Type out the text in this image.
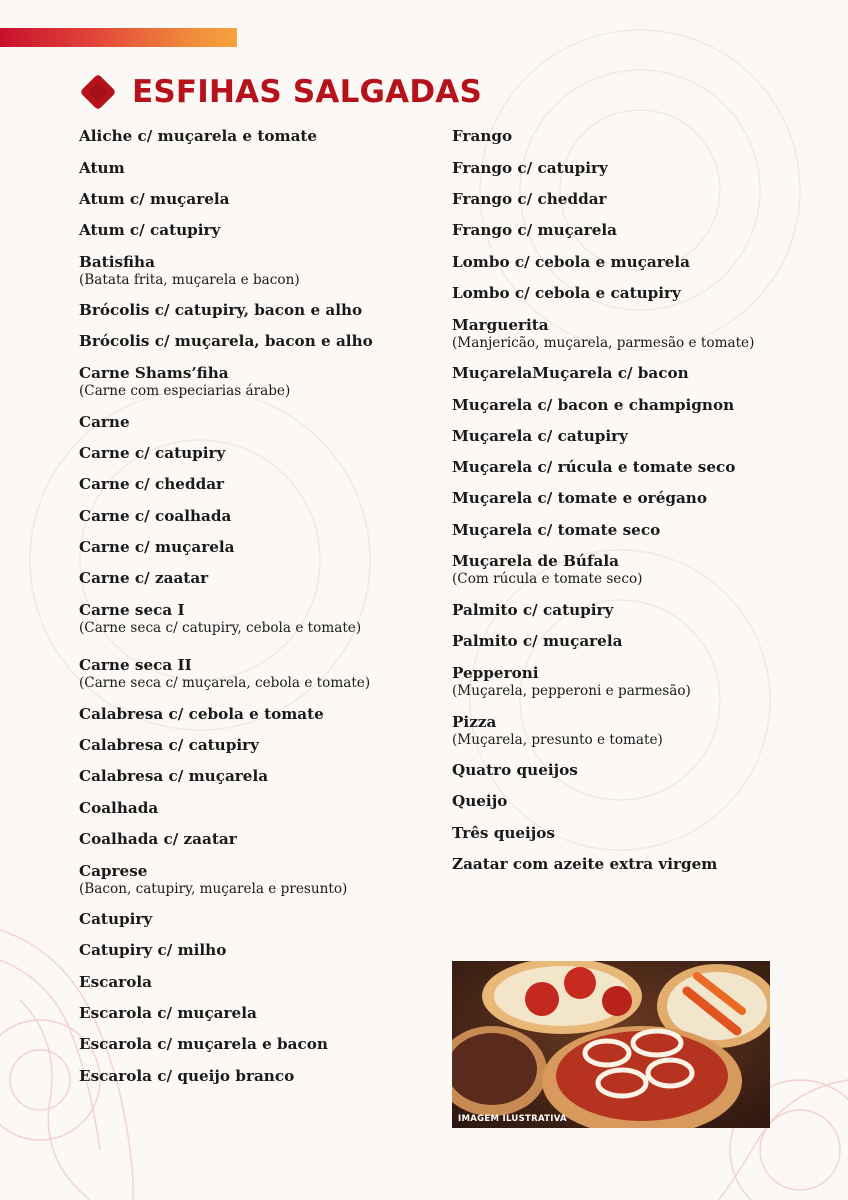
ESFIHAS SALGADAS
Aliche c/ muçarela e tomate
Atum
Atum c/ muçarela
Atum c/ catupiry
Batisfiha
(Batata frita, muçarela e bacon)
Brócolis c/ catupiry, bacon e alho
Brócolis c/ muçarela, bacon e alho
Carne Shams’fiha
(Carne com especiarias árabe)
Carne
Carne c/ catupiry
Carne c/ cheddar
Carne c/ coalhada
Carne c/ muçarela
Carne c/ zaatar
Carne seca I
(Carne seca c/ catupiry, cebola e tomate)
Carne seca II
(Carne seca c/ muçarela, cebola e tomate)
Calabresa c/ cebola e tomate
Calabresa c/ catupiry
Calabresa c/ muçarela
Coalhada
Coalhada c/ zaatar
Caprese
(Bacon, catupiry, muçarela e presunto)
Catupiry
Catupiry c/ milho
Escarola
Escarola c/ muçarela
Escarola c/ muçarela e bacon
Escarola c/ queijo branco
Frango
Frango c/ catupiry
Frango c/ cheddar
Frango c/ muçarela
Lombo c/ cebola e muçarela
Lombo c/ cebola e catupiry
Marguerita
(Manjericão, muçarela, parmesão e tomate)
MuçarelaMuçarela c/ bacon
Muçarela c/ bacon e champignon
Muçarela c/ catupiry
Muçarela c/ rúcula e tomate seco
Muçarela c/ tomate e orégano
Muçarela c/ tomate seco
Muçarela de Búfala
(Com rúcula e tomate seco)
Palmito c/ catupiry
Palmito c/ muçarela
Pepperoni
(Muçarela, pepperoni e parmesão)
Pizza
(Muçarela, presunto e tomate)
Quatro queijos
Queijo
Três queijos
Zaatar com azeite extra virgem
IMAGEM ILUSTRATIVA
